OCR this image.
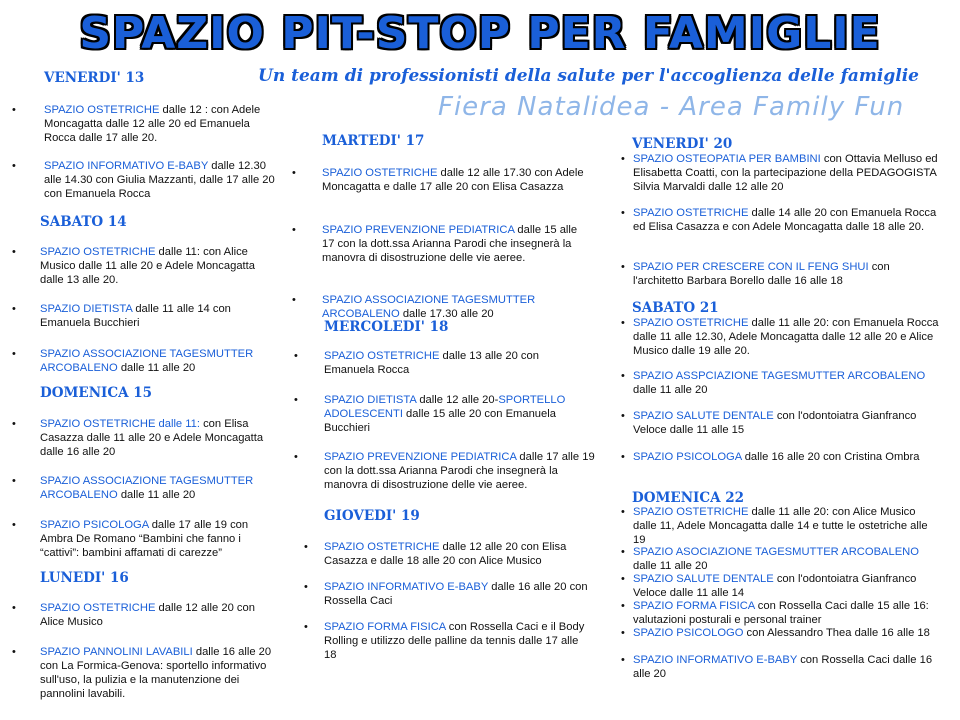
SPAZIO PIT-STOP PER FAMIGLIE
Un team di professionisti della salute per l'accoglienza delle famiglie
Fiera Natalidea - Area Family Fun
VENERDI' 13
•	SPAZIO OSTETRICHE dalle 12 : con Adele Moncagatta dalle 12 alle 20 ed Emanuela Rocca dalle 17 alle 20.
•	SPAZIO INFORMATIVO E-BABY dalle 12.30 alle 14.30 con Giulia Mazzanti, dalle 17 alle 20 con Emanuela Rocca
SABATO 14
• SPAZIO OSTETRICHE dalle 11: con Alice Musico dalle 11 alle 20 e Adele Moncagatta dalle 13 alle 20.
• SPAZIO DIETISTA dalle 11 alle 14 con Emanuela Bucchieri
• SPAZIO ASSOCIAZIONE TAGESMUTTER ARCOBALENO dalle 11 alle 20
DOMENICA 15
• SPAZIO OSTETRICHE dalle 11: con Elisa Casazza dalle 11 alle 20 e Adele Moncagatta dalle 16 alle 20
• SPAZIO ASSOCIAZIONE TAGESMUTTER ARCOBALENO dalle 11 alle 20
• SPAZIO PSICOLOGA dalle 17 alle 19 con Ambra De Romano “Bambini che fanno i “cattivi”: bambini affamati di carezze”
LUNEDI' 16
• SPAZIO OSTETRICHE dalle 12 alle 20 con Alice Musico
• SPAZIO PANNOLINI LAVABILI dalle 16 alle 20 con La Formica-Genova: sportello informativo sull'uso, la pulizia e la manutenzione dei pannolini lavabili.
MARTEDI' 17
• SPAZIO OSTETRICHE dalle 12 alle 17.30 con Adele Moncagatta e dalle 17 alle 20 con Elisa Casazza
• SPAZIO PREVENZIONE PEDIATRICA dalle 15 alle 17 con la dott.ssa Arianna Parodi che insegnerà la manovra di disostruzione delle vie aeree.
• SPAZIO ASSOCIAZIONE TAGESMUTTER ARCOBALENO dalle 17.30 alle 20
MERCOLEDI' 18
• SPAZIO OSTETRICHE dalle 13 alle 20 con Emanuela Rocca
• SPAZIO DIETISTA dalle 12 alle 20-SPORTELLO ADOLESCENTI dalle 15 alle 20 con Emanuela Bucchieri
• SPAZIO PREVENZIONE PEDIATRICA dalle 17 alle 19 con la dott.ssa Arianna Parodi che insegnerà la manovra di disostruzione delle vie aeree.
GIOVEDI' 19
• SPAZIO OSTETRICHE dalle 12 alle 20 con Elisa Casazza e dalle 18 alle 20 con Alice Musico
• SPAZIO INFORMATIVO E-BABY dalle 16 alle 20 con Rossella Caci
• SPAZIO FORMA FISICA con Rossella Caci e il Body Rolling e utilizzo delle palline da tennis dalle 17 alle 18
VENERDI' 20
• SPAZIO OSTEOPATIA PER BAMBINI con Ottavia Melluso ed Elisabetta Coatti, con la partecipazione della PEDAGOGISTA Silvia Marvaldi dalle 12 alle 20
• SPAZIO OSTETRICHE dalle 14 alle 20 con Emanuela Rocca ed Elisa Casazza e con Adele Moncagatta dalle 18 alle 20.
• SPAZIO PER CRESCERE CON IL FENG SHUI con l'architetto Barbara Borello dalle 16 alle 18
SABATO 21
• SPAZIO OSTETRICHE dalle 11 alle 20: con Emanuela Rocca dalle 11 alle 12.30, Adele Moncagatta dalle 12 alle 20 e Alice Musico dalle 19 alle 20.
• SPAZIO ASSPCIAZIONE TAGESMUTTER ARCOBALENO dalle 11 alle 20
• SPAZIO SALUTE DENTALE con l'odontoiatra Gianfranco Veloce dalle 11 alle 15
• SPAZIO PSICOLOGA dalle 16 alle 20 con Cristina Ombra
DOMENICA 22
• SPAZIO OSTETRICHE dalle 11 alle 20: con Alice Musico dalle 11, Adele Moncagatta dalle 14 e tutte le ostetriche alle 19
• SPAZIO ASOCIAZIONE TAGESMUTTER ARCOBALENO dalle 11 alle 20
• SPAZIO SALUTE DENTALE con l'odontoiatra Gianfranco Veloce dalle 11 alle 14
• SPAZIO FORMA FISICA con Rossella Caci dalle 15 alle 16: valutazioni posturali e personal trainer
• SPAZIO PSICOLOGO con Alessandro Thea dalle 16 alle 18
• SPAZIO INFORMATIVO E-BABY con Rossella Caci dalle 16 alle 20
